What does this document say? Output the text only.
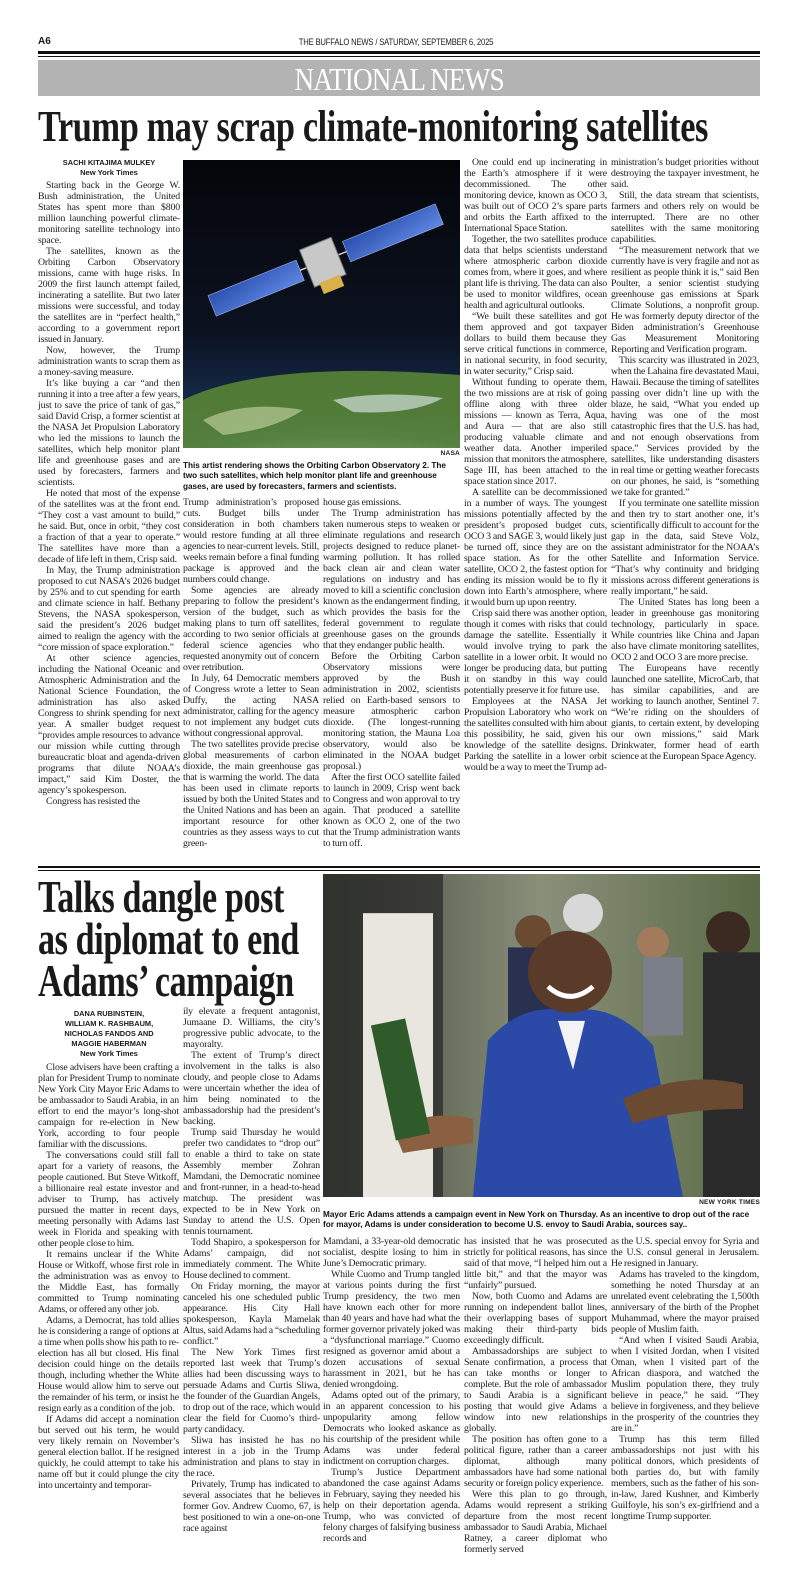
A6	THE BUFFALO NEWS / SATURDAY, SEPTEMBER 6, 2025
NATIONAL NEWS
Trump may scrap climate-monitoring satellites
SACHI KITAJIMA MULKEY
New York Times

Starting back in the George W. Bush administration, the United States has spent more than $800 million launching powerful climate-monitoring satellite technology into space.

The satellites, known as the Orbiting Carbon Observatory missions, came with huge risks. In 2009 the first launch attempt failed, incinerating a satellite. But two later missions were successful, and today the satellites are in “perfect health,” according to a government report issued in January.

Now, however, the Trump administration wants to scrap them as a money-saving measure.

It’s like buying a car “and then running it into a tree after a few years, just to save the price of tank of gas,” said David Crisp, a former scientist at the NASA Jet Propulsion Laboratory who led the missions to launch the satellites, which help monitor plant life and greenhouse gases and are used by forecasters, farmers and scientists.

He noted that most of the expense of the satellites was at the front end. “They cost a vast amount to build,” he said. But, once in orbit, “they cost a fraction of that a year to operate.” The satellites have more than a decade of life left in them, Crisp said.

In May, the Trump administration proposed to cut NASA’s 2026 budget by 25% and to cut spending for earth and climate science in half. Bethany Stevens, the NASA spokesperson, said the president’s 2026 budget aimed to realign the agency with the “core mission of space exploration.”

At other science agencies, including the National Oceanic and Atmospheric Administration and the National Science Foundation, the administration has also asked Congress to shrink spending for next year. A smaller budget request “provides ample resources to advance our mission while cutting through bureaucratic bloat and agenda-driven programs that dilute NOAA’s impact,” said Kim Doster, the agency’s spokesperson.

Congress has resisted the

NASA
This artist rendering shows the Orbiting Carbon Observatory 2. The two such satellites, which help monitor plant life and greenhouse gases, are used by forecasters, farmers and scientists.

Trump administration’s proposed cuts. Budget bills under consideration in both chambers would restore funding at all three agencies to near-current levels. Still, weeks remain before a final funding package is approved and the numbers could change.

Some agencies are already preparing to follow the president’s version of the budget, such as making plans to turn off satellites, according to two senior officials at federal science agencies who requested anonymity out of concern over retribution.

In July, 64 Democratic members of Congress wrote a letter to Sean Duffy, the acting NASA administrator, calling for the agency to not implement any budget cuts without congressional approval.

The two satellites provide precise global measurements of carbon dioxide, the main greenhouse gas that is warming the world. The data has been used in climate reports issued by both the United States and the United Nations and has been an important resource for other countries as they assess ways to cut green-

house gas emissions.

The Trump administration has taken numerous steps to weaken or eliminate regulations and research projects designed to reduce planet-warming pollution. It has rolled back clean air and clean water regulations on industry and has moved to kill a scientific conclusion known as the endangerment finding, which provides the basis for the federal government to regulate greenhouse gases on the grounds that they endanger public health.

Before the Orbiting Carbon Observatory missions were approved by the Bush administration in 2002, scientists relied on Earth-based sensors to measure atmospheric carbon dioxide. (The longest-running monitoring station, the Mauna Loa observatory, would also be eliminated in the NOAA budget proposal.)

After the first OCO satellite failed to launch in 2009, Crisp went back to Congress and won approval to try again. That produced a satellite known as OCO 2, one of the two that the Trump administration wants to turn off.

One could end up incinerating in the Earth’s atmosphere if it were decommissioned. The other monitoring device, known as OCO 3, was built out of OCO 2’s spare parts and orbits the Earth affixed to the International Space Station.

Together, the two satellites produce data that helps scientists understand where atmospheric carbon dioxide comes from, where it goes, and where plant life is thriving. The data can also be used to monitor wildfires, ocean health and agricultural outlooks.

“We built these satellites and got them approved and got taxpayer dollars to build them because they serve critical functions in commerce, in national security, in food security, in water security,” Crisp said.

Without funding to operate them, the two missions are at risk of going offline along with three older missions — known as Terra, Aqua, and Aura — that are also still producing valuable climate and weather data. Another imperiled mission that monitors the atmosphere, Sage III, has been attached to the space station since 2017.

A satellite can be decommissioned in a number of ways. The youngest missions potentially affected by the president’s proposed budget cuts, OCO 3 and SAGE 3, would likely just be turned off, since they are on the space station. As for the other satellite, OCO 2, the fastest option for ending its mission would be to fly it down into Earth’s atmosphere, where it would burn up upon reentry.

Crisp said there was another option, though it comes with risks that could damage the satellite. Essentially it would involve trying to park the satellite in a lower orbit. It would no longer be producing data, but putting it on standby in this way could potentially preserve it for future use.

Employees at the NASA Jet Propulsion Laboratory who work on the satellites consulted with him about this possibility, he said, given his knowledge of the satellite designs. Parking the satellite in a lower orbit would be a way to meet the Trump ad-

ministration’s budget priorities without destroying the taxpayer investment, he said.

Still, the data stream that scientists, farmers and others rely on would be interrupted. There are no other satellites with the same monitoring capabilities.

“The measurement network that we currently have is very fragile and not as resilient as people think it is,” said Ben Poulter, a senior scientist studying greenhouse gas emissions at Spark Climate Solutions, a nonprofit group. He was formerly deputy director of the Biden administration’s Greenhouse Gas Measurement Monitoring Reporting and Verification program.

This scarcity was illustrated in 2023, when the Lahaina fire devastated Maui, Hawaii. Because the timing of satellites passing over didn’t line up with the blaze, he said, “What you ended up having was one of the most catastrophic fires that the U.S. has had, and not enough observations from space.” Services provided by the satellites, like understanding disasters in real time or getting weather forecasts on our phones, he said, is “something we take for granted.”

If you terminate one satellite mission and then try to start another one, it’s scientifically difficult to account for the gap in the data, said Steve Volz, assistant administrator for the NOAA’s Satellite and Information Service. “That’s why continuity and bridging missions across different generations is really important,” he said.

The United States has long been a leader in greenhouse gas monitoring technology, particularly in space. While countries like China and Japan also have climate monitoring satellites, OCO 2 and OCO 3 are more precise.

The Europeans have recently launched one satellite, MicroCarb, that has similar capabilities, and are working to launch another, Sentinel 7. “We’re riding on the shoulders of giants, to certain extent, by developing our own missions,” said Mark Drinkwater, former head of earth science at the European Space Agency.

Talks dangle post
as diplomat to end
Adams’ campaign
DANA RUBINSTEIN,
WILLIAM K. RASHBAUM,
NICHOLAS FANDOS AND
MAGGIE HABERMAN
New York Times

Close advisers have been crafting a plan for President Trump to nominate New York City Mayor Eric Adams to be ambassador to Saudi Arabia, in an effort to end the mayor’s long-shot campaign for re-election in New York, according to four people familiar with the discussions.

The conversations could still fall apart for a variety of reasons, the people cautioned. But Steve Witkoff, a billionaire real estate investor and adviser to Trump, has actively pursued the matter in recent days, meeting personally with Adams last week in Florida and speaking with other people close to him.

It remains unclear if the White House or Witkoff, whose first role in the administration was as envoy to the Middle East, has formally committed to Trump nominating Adams, or offered any other job.

Adams, a Democrat, has told allies he is considering a range of options at a time when polls show his path to re-election has all but closed. His final decision could hinge on the details though, including whether the White House would allow him to serve out the remainder of his term, or insist he resign early as a condition of the job.

If Adams did accept a nomination but served out his term, he would very likely remain on November’s general election ballot. If he resigned quickly, he could attempt to take his name off but it could plunge the city into uncertainty and temporar-

ily elevate a frequent antagonist, Jumaane D. Williams, the city’s progressive public advocate, to the mayoralty.

The extent of Trump’s direct involvement in the talks is also cloudy, and people close to Adams were uncertain whether the idea of him being nominated to the ambassadorship had the president’s backing.

Trump said Thursday he would prefer two candidates to “drop out” to enable a third to take on state Assembly member Zohran Mamdani, the Democratic nominee and front-runner, in a head-to-head matchup. The president was expected to be in New York on Sunday to attend the U.S. Open tennis tournament.

Todd Shapiro, a spokesperson for Adams’ campaign, did not immediately comment. The White House declined to comment.

On Friday morning, the mayor canceled his one scheduled public appearance. His City Hall spokesperson, Kayla Mamelak Altus, said Adams had a “scheduling conflict.”

The New York Times first reported last week that Trump’s allies had been discussing ways to persuade Adams and Curtis Sliwa, the founder of the Guardian Angels, to drop out of the race, which would clear the field for Cuomo’s third-party candidacy.

Sliwa has insisted he has no interest in a job in the Trump administration and plans to stay in the race.

Privately, Trump has indicated to several associates that he believes former Gov. Andrew Cuomo, 67, is best positioned to win a one-on-one race against

NEW YORK TIMES
Mayor Eric Adams attends a campaign event in New York on Thursday. As an incentive to drop out of the race for mayor, Adams is under consideration to become U.S. envoy to Saudi Arabia, sources say..

Mamdani, a 33-year-old democratic socialist, despite losing to him in June’s Democratic primary.

While Cuomo and Trump tangled at various points during the first Trump presidency, the two men have known each other for more than 40 years and have had what the former governor privately joked was a “dysfunctional marriage.” Cuomo resigned as governor amid about a dozen accusations of sexual harassment in 2021, but he has denied wrongdoing.

Adams opted out of the primary, in an apparent concession to his unpopularity among fellow Democrats who looked askance as his courtship of the president while Adams was under federal indictment on corruption charges.

Trump’s Justice Department abandoned the case against Adams in February, saying they needed his help on their deportation agenda. Trump, who was convicted of felony charges of falsifying business records and

has insisted that he was prosecuted strictly for political reasons, has since said of that move, “I helped him out a little bit,” and that the mayor was “unfairly” pursued.

Now, both Cuomo and Adams are running on independent ballot lines, their overlapping bases of support making their third-party bids exceedingly difficult.

Ambassadorships are subject to Senate confirmation, a process that can take months or longer to complete. But the role of ambassador to Saudi Arabia is a significant posting that would give Adams a window into new relationships globally.

The position has often gone to a political figure, rather than a career diplomat, although many ambassadors have had some national security or foreign policy experience.

Were this plan to go through, Adams would represent a striking departure from the most recent ambassador to Saudi Arabia, Michael Ratney, a career diplomat who formerly served

as the U.S. special envoy for Syria and the U.S. consul general in Jerusalem. He resigned in January.

Adams has traveled to the kingdom, something he noted Thursday at an unrelated event celebrating the 1,500th anniversary of the birth of the Prophet Muhammad, where the mayor praised people of Muslim faith.

“And when I visited Saudi Arabia, when I visited Jordan, when I visited Oman, when I visited part of the African diaspora, and watched the Muslim population there, they truly believe in peace,” he said. “They believe in forgiveness, and they believe in the prosperity of the countries they are in.”

Trump has this term filled ambassadorships not just with his political donors, which presidents of both parties do, but with family members, such as the father of his son-in-law, Jared Kushner, and Kimberly Guilfoyle, his son’s ex-girlfriend and a longtime Trump supporter.
